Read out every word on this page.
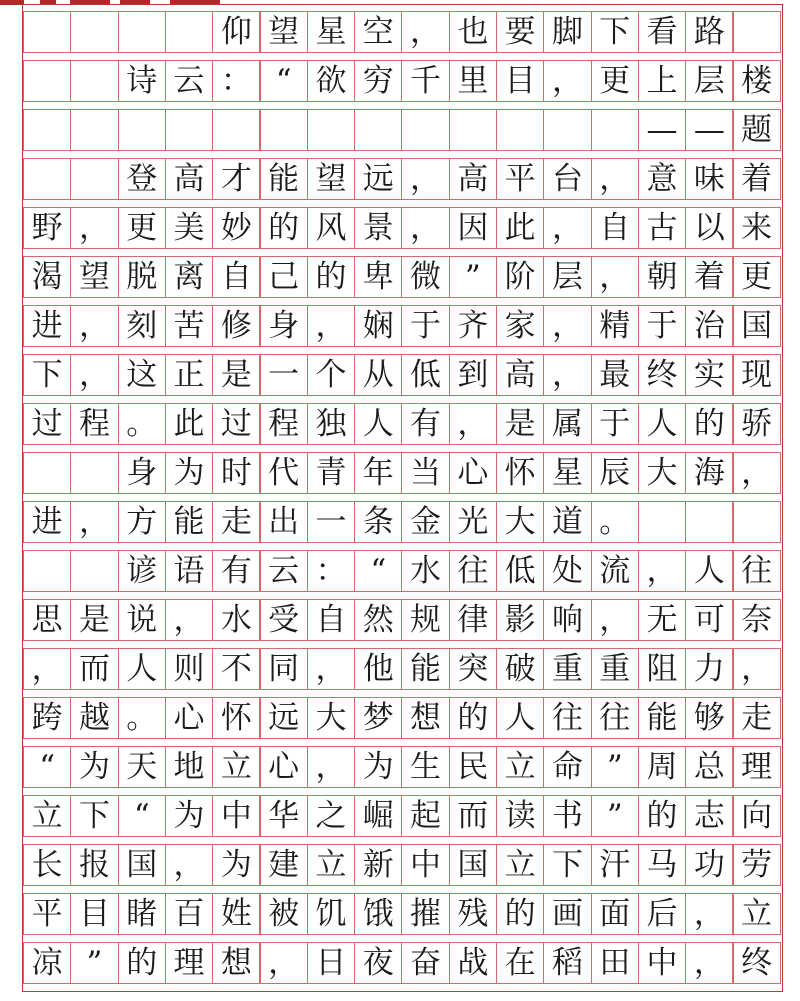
仰 望 星 空 ， 也 要 脚 下 看 路
诗 云 ： “ 欲 穷 千 里 目 ， 更 上 层 楼
— — 题
登 高 才 能 望 远 ， 高 平 台 ， 意 味 着
野 ， 更 美 妙 的 风 景 ， 因 此 ， 自 古 以 来
渴 望 脱 离 自 己 的 卑 微 ” 阶 层 ， 朝 着 更
进 ， 刻 苦 修 身 ， 娴 于 齐 家 ， 精 于 治 国
下 ， 这 正 是 一 个 从 低 到 高 ， 最 终 实 现
过 程 。 此 过 程 独 人 有 ， 是 属 于 人 的 骄
身 为 时 代 青 年 当 心 怀 星 辰 大 海 ，
进 ， 方 能 走 出 一 条 金 光 大 道 。
谚 语 有 云 ： “ 水 往 低 处 流 ， 人 往
思 是 说 ， 水 受 自 然 规 律 影 响 ， 无 可 奈
， 而 人 则 不 同 ， 他 能 突 破 重 重 阻 力 ，
跨 越 。 心 怀 远 大 梦 想 的 人 往 往 能 够 走
“ 为 天 地 立 心 ， 为 生 民 立 命 ” 周 总 理
立 下 “ 为 中 华 之 崛 起 而 读 书 ” 的 志 向
长 报 国 ， 为 建 立 新 中 国 立 下 汗 马 功 劳
平 目 睹 百 姓 被 饥 饿 摧 残 的 画 面 后 ， 立
凉 ” 的 理 想 ， 日 夜 奋 战 在 稻 田 中 ， 终
